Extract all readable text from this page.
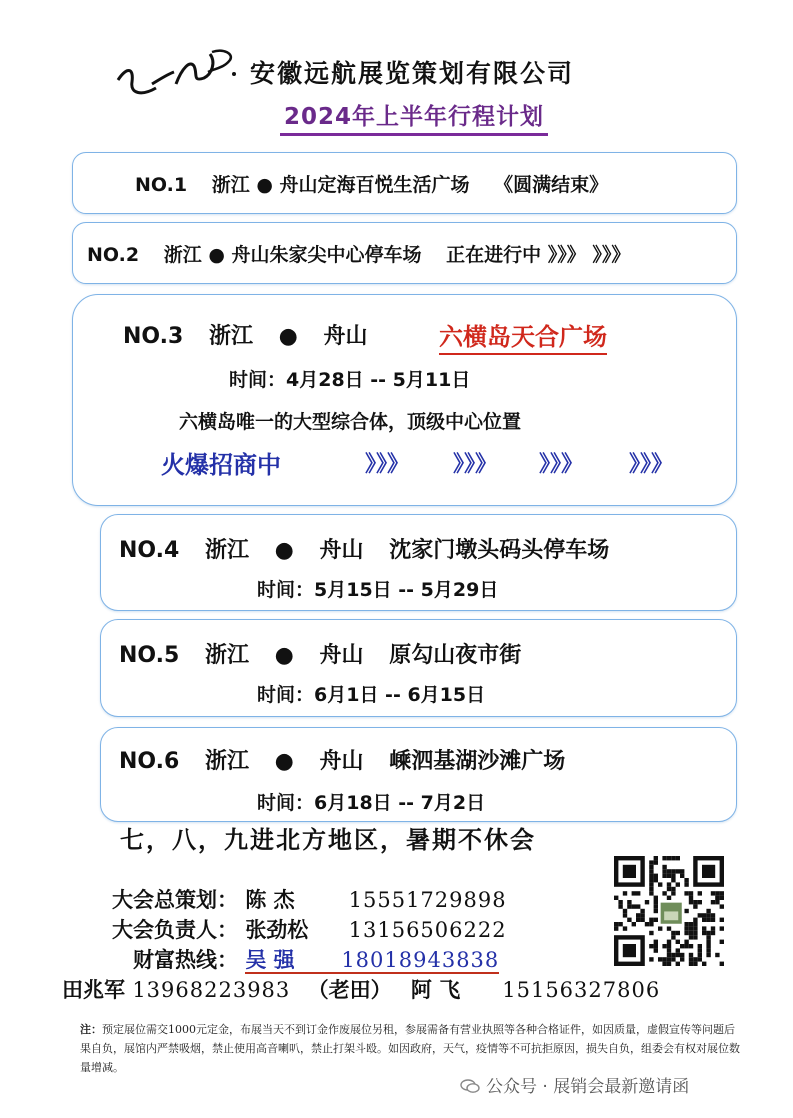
安徽远航展览策划有限公司
2024年上半年行程计划
NO.1 浙江 ● 舟山定海百悦生活广场 《圆满结束》
NO.2 浙江 ● 舟山朱家尖中心停车场 正在进行中 》》》 》》》
NO.3 浙江 ● 舟山	六横岛天合广场
时间：4月28日 -- 5月11日
六横岛唯一的大型综合体，顶级中心位置
火爆招商中	》》》 》》》 》》》 》》》
NO.4 浙江 ● 舟山 沈家门墩头码头停车场
时间：5月15日 -- 5月29日
NO.5 浙江 ● 舟山 原勾山夜市街
时间：6月1日 -- 6月15日
NO.6 浙江 ● 舟山 嵊泗基湖沙滩广场
时间：6月18日 -- 7月2日
七，八，九进北方地区，暑期不休会
大会总策划： 陈 杰	15551729898
大会负责人： 张劲松 13156506222
财富热线： 吴 强 18018943838
田兆军 13968223983 （老田） 阿 飞 15156327806
注：预定展位需交1000元定金，布展当天不到订金作废展位另租，参展需备有营业执照等各种合格证件，如因质量，虚假宣传等问题后果自负，展馆内严禁吸烟，禁止使用高音喇叭，禁止打架斗殴。如因政府，天气，疫情等不可抗拒原因，损失自负，组委会有权对展位数量增减。
公众号 · 展销会最新邀请函
